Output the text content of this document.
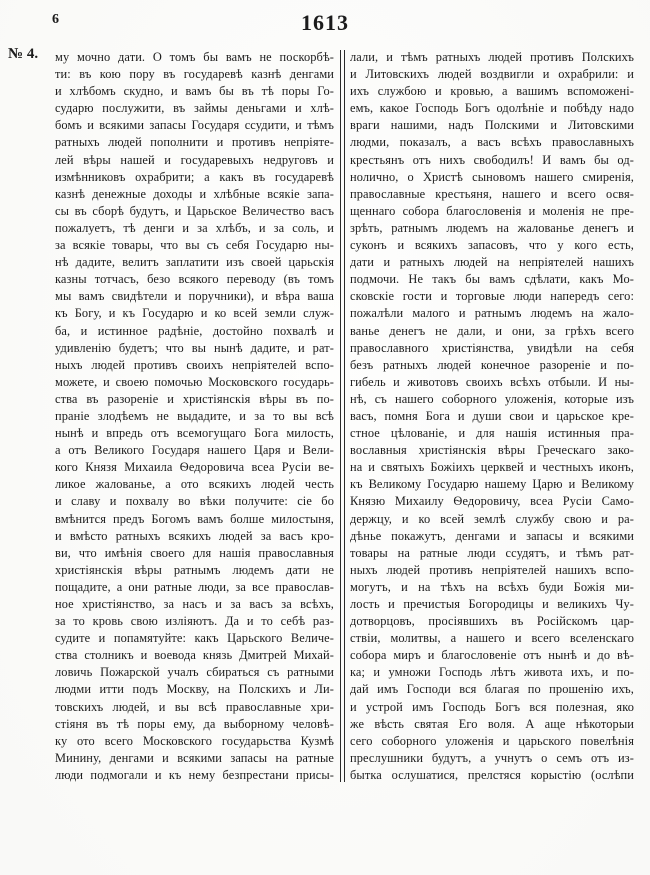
6	1613
№ 4.	му мочно дати. О томъ бы вамъ не поскорбѣ-
ти: въ кою пору въ государевѣ казнѣ денгами
и хлѣбомъ скудно, и вамъ бы въ тѣ поры Го-
сударю послужити, въ займы деньгами и хлѣ-
бомъ и всякими запасы Государя ссудити, и тѣмъ
ратныхъ людей пополнити и противъ непріяте-
лей вѣры нашей и государевыхъ недруговъ и
измѣнниковъ охрабрити; а какъ въ государевѣ
казнѣ денежные доходы и хлѣбные всякіе запа-
сы въ сборѣ будутъ, и Царьское Величество васъ
пожалуетъ, тѣ денги и за хлѣбъ, и за соль, и
за всякіе товары, что вы съ себя Государю ны-
нѣ дадите, велитъ заплатити изъ своей царьскія
казны тотчасъ, безо всякого переводу (въ томъ
мы вамъ свидѣтели и поручники), и вѣра ваша
къ Богу, и къ Государю и ко всей земли служ-
ба, и истинное радѣніе, достойно похвалѣ и
удивленію будетъ; что вы нынѣ дадите, и рат-
ныхъ людей противъ своихъ непріятелей вспо-
можете, и своею помочью Московского государь-
ства въ разореніе и христіянскія вѣры въ по-
праніе злодѣемъ не выдадите, и за то вы всѣ
нынѣ и впредь отъ всемогущаго Бога милость,
а отъ Великого Государя нашего Царя и Вели-
кого Князя Михаила Ѳедоровича всеа Русіи ве-
ликое жалованье, а ото всякихъ людей честь
и славу и похвалу во вѣки получите: сіе бо
вмѣнится предъ Богомъ вамъ болше милостыня,
и вмѣсто ратныхъ всякихъ людей за васъ кро-
ви, что имѣнія своего для нашія православныя
христіянскія вѣры ратнымъ людемъ дати не
пощадите, а они ратные люди, за все православ-
ное христіянство, за насъ и за васъ за всѣхъ,
за то кровь свою изліяютъ. Да и то себѣ раз-
судите и попамятуйте: какъ Царьского Величе-
ства столникъ и воевода князь Дмитрей Михай-
ловичь Пожарской учалъ сбираться съ ратными
людми итти подъ Москву, на Полскихъ и Ли-
товскихъ людей, и вы всѣ православные хри-
стіяня въ тѣ поры ему, да выборному человѣ-
ку ото всего Московского государьства Кузмѣ
Минину, денгами и всякими запасы на ратные
люди подмогали и къ нему безпрестани присы-
лали, и тѣмъ ратныхъ людей противъ Полскихъ
и Литовскихъ людей воздвигли и охрабрили: и
ихъ службою и кровью, а вашимъ вспоможені-
емъ, какое Господь Богъ одолѣніе и побѣду надо
враги нашими, надъ Полскими и Литовскими
людми, показалъ, а васъ всѣхъ православныхъ
крестьянъ отъ нихъ свободилъ! И вамъ бы од-
нолично, о Христѣ сыновомъ нашего смиренія,
православные крестьяня, нашего и всего освя-
щеннаго собора благословенія и моленія не пре-
зрѣть, ратнымъ людемъ на жалованье денегъ и
суконъ и всякихъ запасовъ, что у кого есть,
дати и ратныхъ людей на непріятелей нашихъ
подмочи. Не такъ бы вамъ сдѣлати, какъ Мо-
сковскіе гости и торговые люди напередъ сего:
пожалѣли малого и ратнымъ людемъ на жало-
ванье денегъ не дали, и они, за грѣхъ всего
православного христіянства, увидѣли на себя
безъ ратныхъ людей конечное разореніе и по-
гибель и животовъ своихъ всѣхъ отбыли. И ны-
нѣ, съ нашего соборного уложенія, которые изъ
васъ, помня Бога и души свои и царьское кре-
стное цѣлованіе, и для нашія истинныя пра-
вославныя христіянскія вѣры Греческаго зако-
на и святыхъ Божіихъ церквей и честныхъ иконъ,
къ Великому Государю нашему Царю и Великому
Князю Михаилу Ѳедоровичу, всеа Русіи Само-
держцу, и ко всей землѣ службу свою и ра-
дѣнье покажутъ, денгами и запасы и всякими
товары на ратные люди ссудятъ, и тѣмъ рат-
ныхъ людей противъ непріятелей нашихъ вспо-
могутъ, и на тѣхъ на всѣхъ буди Божія ми-
лость и пречистыя Богородицы и великихъ Чу-
дотворцовъ, просіявшихъ въ Російскомъ цар-
ствіи, молитвы, а нашего и всего вселенскаго
собора миръ и благословеніе отъ нынѣ и до вѣ-
ка; и умножи Господь лѣтъ живота ихъ, и по-
дай имъ Господи вся благая по прошенію ихъ,
и устрой имъ Господь Богъ вся полезная, яко
же вѣсть святая Его воля. А аще нѣкоторыи
сего соборного уложенія и царьского повелѣнія
преслушники будутъ, а учнутъ о семъ отъ из-
бытка ослушатися, прелстяся корыстію (ослѣпи
